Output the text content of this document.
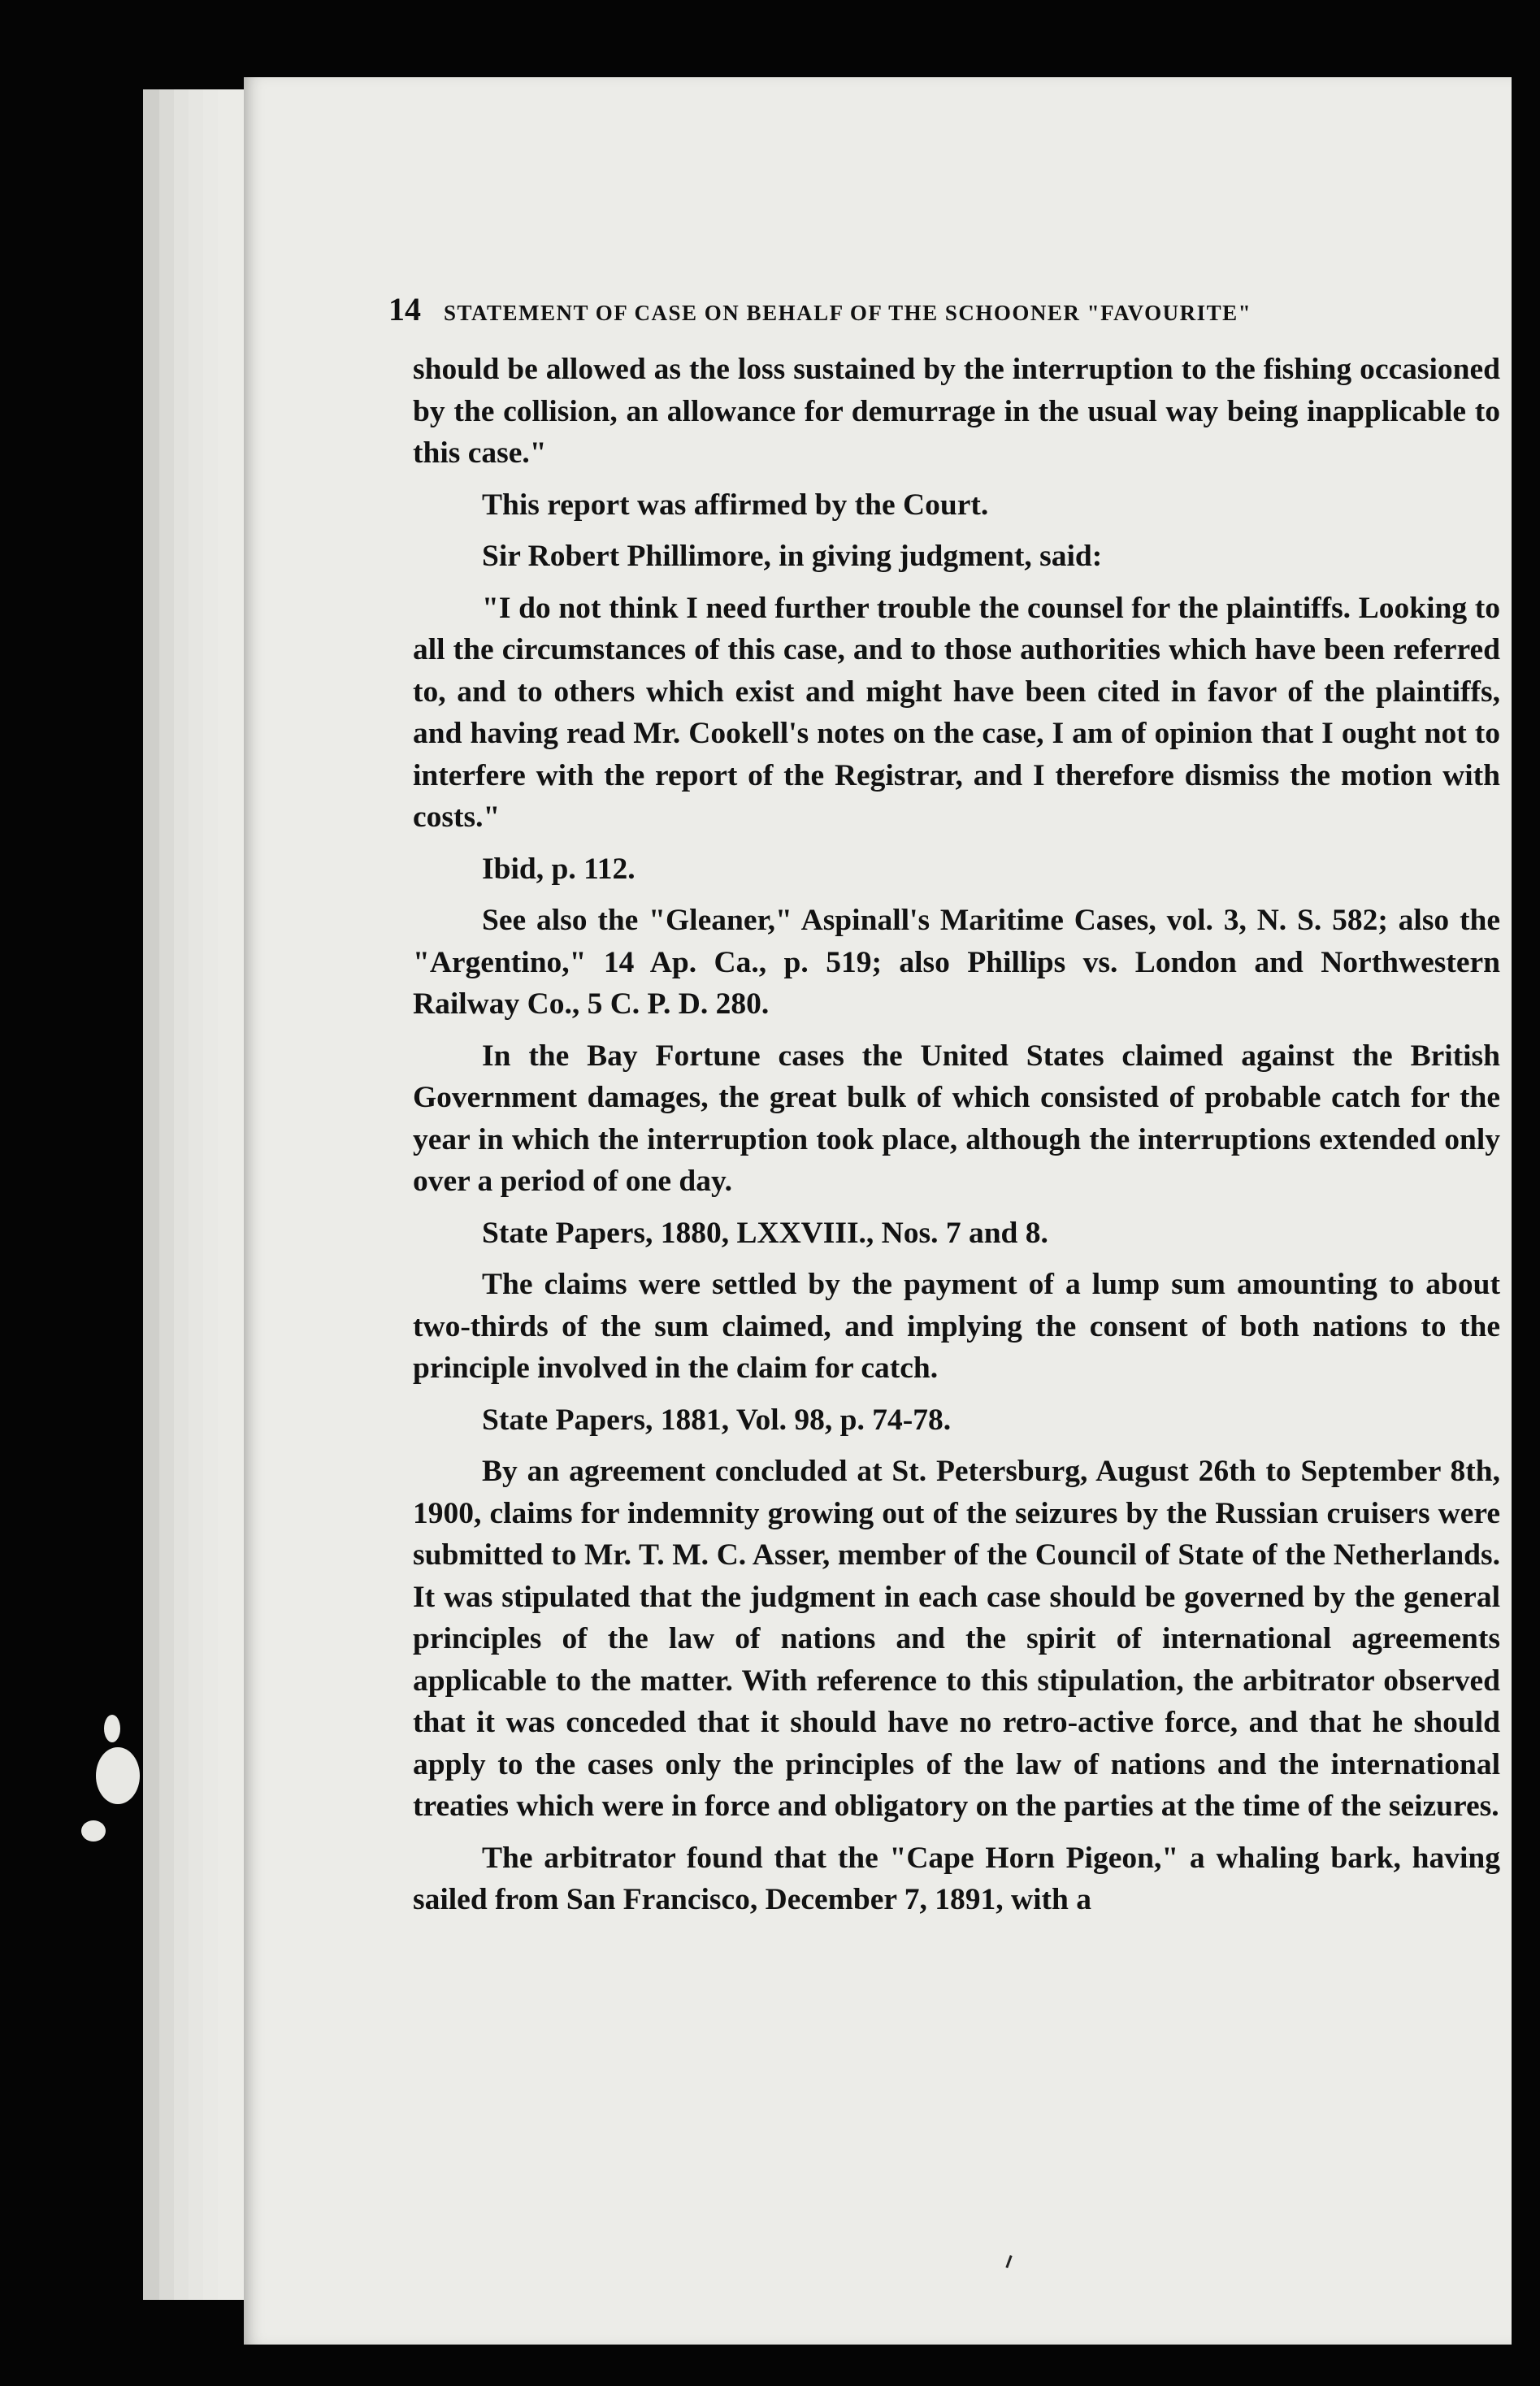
14 STATEMENT OF CASE ON BEHALF OF THE SCHOONER "FAVOURITE"

should be allowed as the loss sustained by the interruption to the fishing occasioned by the collision, an allowance for demurrage in the usual way being inapplicable to this case."

This report was affirmed by the Court.

Sir Robert Phillimore, in giving judgment, said:

"I do not think I need further trouble the counsel for the plaintiffs. Looking to all the circumstances of this case, and to those authorities which have been referred to, and to others which exist and might have been cited in favor of the plaintiffs, and having read Mr. Cookell's notes on the case, I am of opinion that I ought not to interfere with the report of the Registrar, and I therefore dismiss the motion with costs."

Ibid, p. 112.

See also the "Gleaner," Aspinall's Maritime Cases, vol. 3, N. S. 582; also the "Argentino," 14 Ap. Ca., p. 519; also Phillips vs. London and Northwestern Railway Co., 5 C. P. D. 280.

In the Bay Fortune cases the United States claimed against the British Government damages, the great bulk of which consisted of probable catch for the year in which the interruption took place, although the interruptions extended only over a period of one day.

State Papers, 1880, LXXVIII., Nos. 7 and 8.

The claims were settled by the payment of a lump sum amounting to about two-thirds of the sum claimed, and implying the consent of both nations to the principle involved in the claim for catch.

State Papers, 1881, Vol. 98, p. 74-78.

By an agreement concluded at St. Petersburg, August 26th to September 8th, 1900, claims for indemnity growing out of the seizures by the Russian cruisers were submitted to Mr. T. M. C. Asser, member of the Council of State of the Netherlands. It was stipulated that the judgment in each case should be governed by the general principles of the law of nations and the spirit of international agreements applicable to the matter. With reference to this stipulation, the arbitrator observed that it was conceded that it should have no retro-active force, and that he should apply to the cases only the principles of the law of nations and the international treaties which were in force and obligatory on the parties at the time of the seizures.

The arbitrator found that the "Cape Horn Pigeon," a whaling bark, having sailed from San Francisco, December 7, 1891, with a
